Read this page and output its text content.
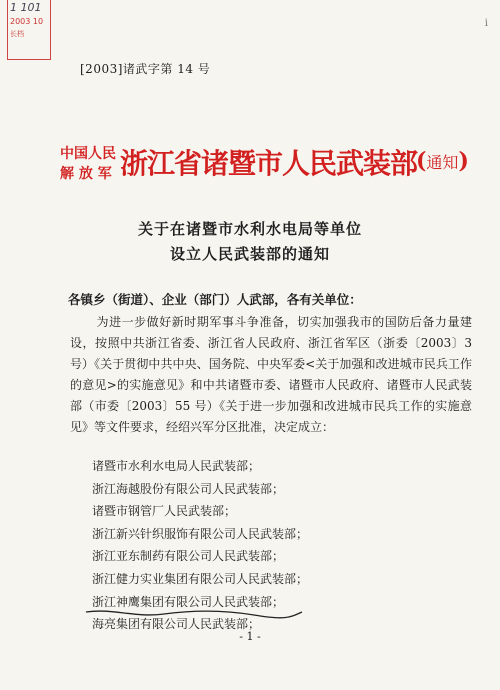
1 101
2003 10
长档
i
[2003]诸武字第 14 号
中国人民
解 放 军 浙江省诸暨市人民武装部
(通知)
关于在诸暨市水利水电局等单位
设立人民武装部的通知
各镇乡（街道）、企业（部门）人武部，各有关单位：
为进一步做好新时期军事斗争准备，切实加强我市的国防后备力量建设，按照中共浙江省委、浙江省人民政府、浙江省军区（浙委〔2003〕3 号）《关于贯彻中共中央、国务院、中央军委<关于加强和改进城市民兵工作的意见>的实施意见》和中共诸暨市委、诸暨市人民政府、诸暨市人民武装部（市委〔2003〕55 号）《关于进一步加强和改进城市民兵工作的实施意见》等文件要求，经绍兴军分区批准，决定成立：
诸暨市水利水电局人民武装部；
浙江海越股份有限公司人民武装部；
诸暨市钢管厂人民武装部；
浙江新兴针织服饰有限公司人民武装部；
浙江亚东制药有限公司人民武装部；
浙江健力实业集团有限公司人民武装部；
浙江神鹰集团有限公司人民武装部；
海亮集团有限公司人民武装部；
- 1 -
